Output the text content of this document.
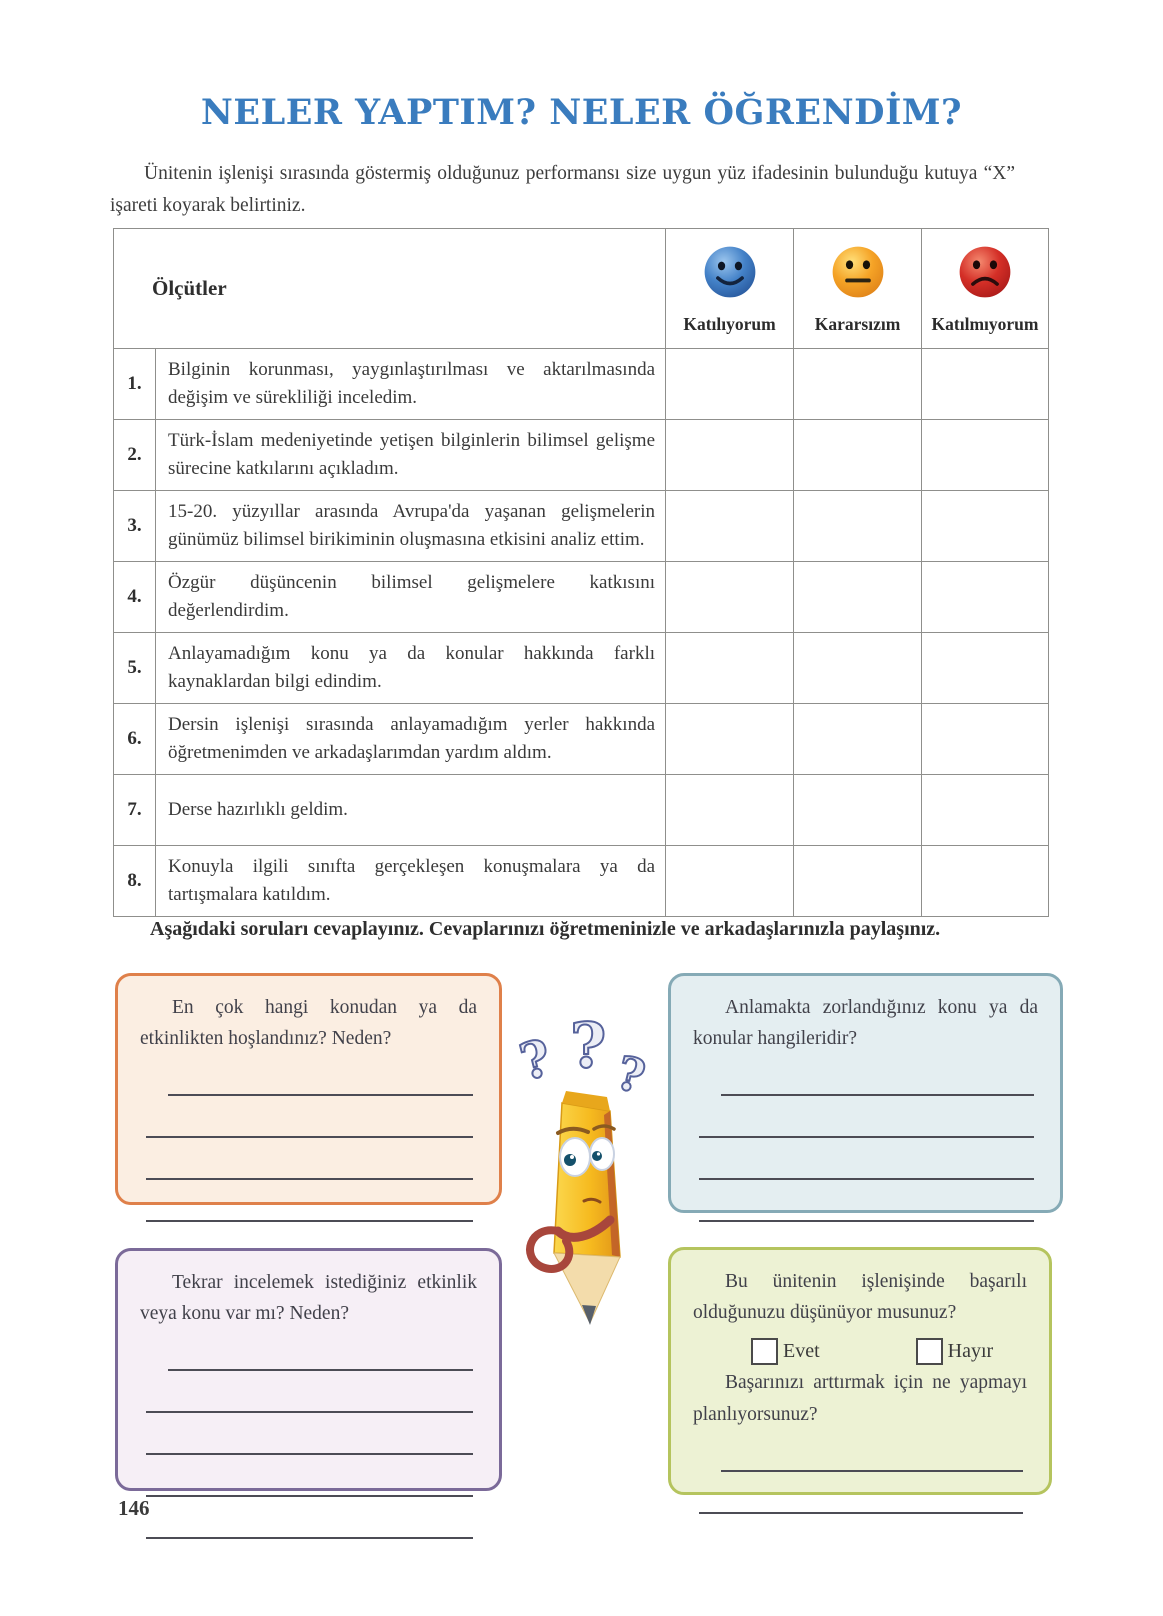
NELER YAPTIM? NELER ÖĞRENDİM?
Ünitenin işlenişi sırasında göstermiş olduğunuz performansı size uygun yüz ifadesinin bulunduğu kutuya “X” işareti koyarak belirtiniz.
Ölçütler		Katılıyorum	Kararsızım	Katılmıyorum
1.	Bilginin korunması, yaygınlaştırılması ve aktarılmasında değişim ve sürekliliği inceledim.			
2.	Türk-İslam medeniyetinde yetişen bilginlerin bilimsel gelişme sürecine katkılarını açıkladım.			
3.	15-20. yüzyıllar arasında Avrupa'da yaşanan gelişmelerin günümüz bilimsel birikiminin oluşmasına etkisini analiz ettim.			
4.	Özgür düşüncenin bilimsel gelişmelere katkısını değerlendirdim.			
5.	Anlayamadığım konu ya da konular hakkında farklı kaynaklardan bilgi edindim.			
6.	Dersin işlenişi sırasında anlayamadığım yerler hakkında öğretmenimden ve arkadaşlarımdan yardım aldım.			
7.	Derse hazırlıklı geldim.			
8.	Konuyla ilgili sınıfta gerçekleşen konuşmalara ya da tartışmalara katıldım.			
Aşağıdaki soruları cevaplayınız. Cevaplarınızı öğretmeninizle ve arkadaşlarınızla paylaşınız.
En çok hangi konudan ya da etkinlikten hoşlandınız? Neden?
Anlamakta zorlandığınız konu ya da konular hangileridir?
Tekrar incelemek istediğiniz etkinlik veya konu var mı? Neden?
Bu ünitenin işlenişinde başarılı olduğunuzu düşünüyor musunuz?
Evet	Hayır
Başarınızı arttırmak için ne yapmayı planlıyorsunuz?
? ? ?
146
